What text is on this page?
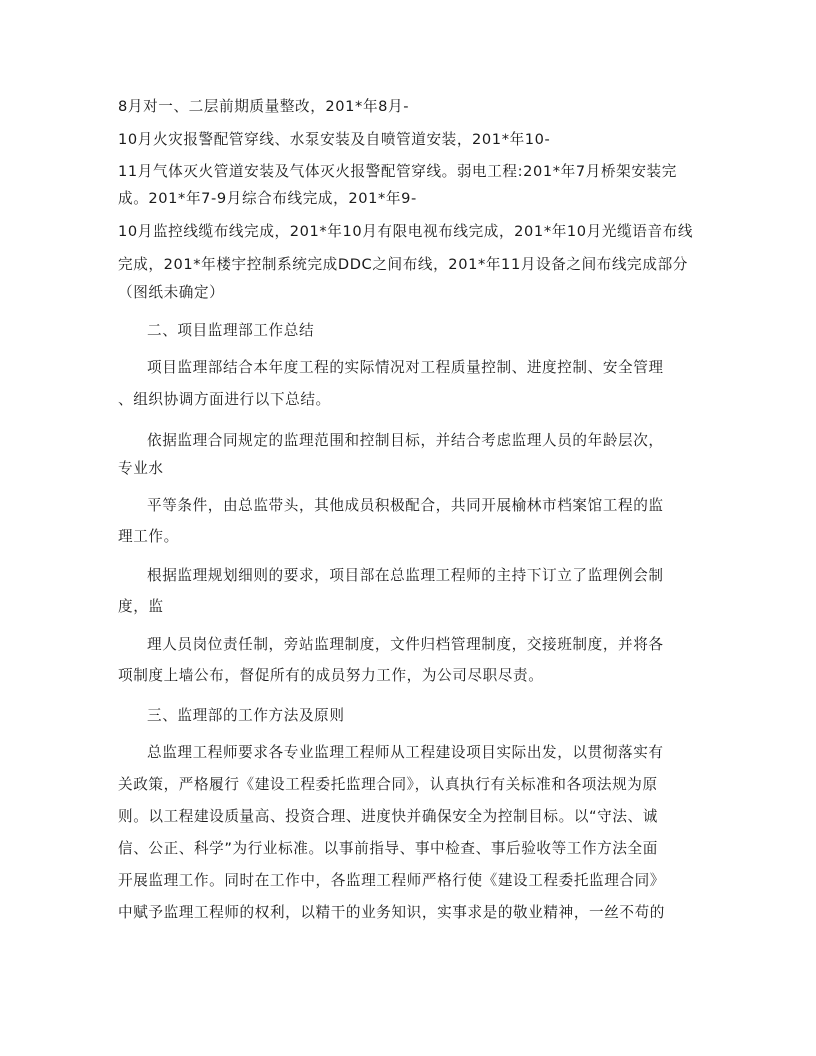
8月对一、二层前期质量整改，201*年8月-
10月火灾报警配管穿线、水泵安装及自喷管道安装，201*年10-
11月气体灭火管道安装及气体灭火报警配管穿线。弱电工程:201*年7月桥架安装完
成。201*年7-9月综合布线完成，201*年9-
10月监控线缆布线完成，201*年10月有限电视布线完成，201*年10月光缆语音布线
完成，201*年楼宇控制系统完成DDC之间布线，201*年11月设备之间布线完成部分
（图纸未确定）
二、项目监理部工作总结
项目监理部结合本年度工程的实际情况对工程质量控制、进度控制、安全管理
、组织协调方面进行以下总结。
依据监理合同规定的监理范围和控制目标，并结合考虑监理人员的年龄层次，
专业水
平等条件，由总监带头，其他成员积极配合，共同开展榆林市档案馆工程的监
理工作。
根据监理规划细则的要求，项目部在总监理工程师的主持下订立了监理例会制
度，监
理人员岗位责任制，旁站监理制度，文件归档管理制度，交接班制度，并将各
项制度上墙公布，督促所有的成员努力工作，为公司尽职尽责。
三、监理部的工作方法及原则
总监理工程师要求各专业监理工程师从工程建设项目实际出发，以贯彻落实有
关政策，严格履行《建设工程委托监理合同》，认真执行有关标准和各项法规为原
则。以工程建设质量高、投资合理、进度快并确保安全为控制目标。以“守法、诚
信、公正、科学”为行业标准。以事前指导、事中检查、事后验收等工作方法全面
开展监理工作。同时在工作中，各监理工程师严格行使《建设工程委托监理合同》
中赋予监理工程师的权利，以精干的业务知识，实事求是的敬业精神，一丝不苟的
